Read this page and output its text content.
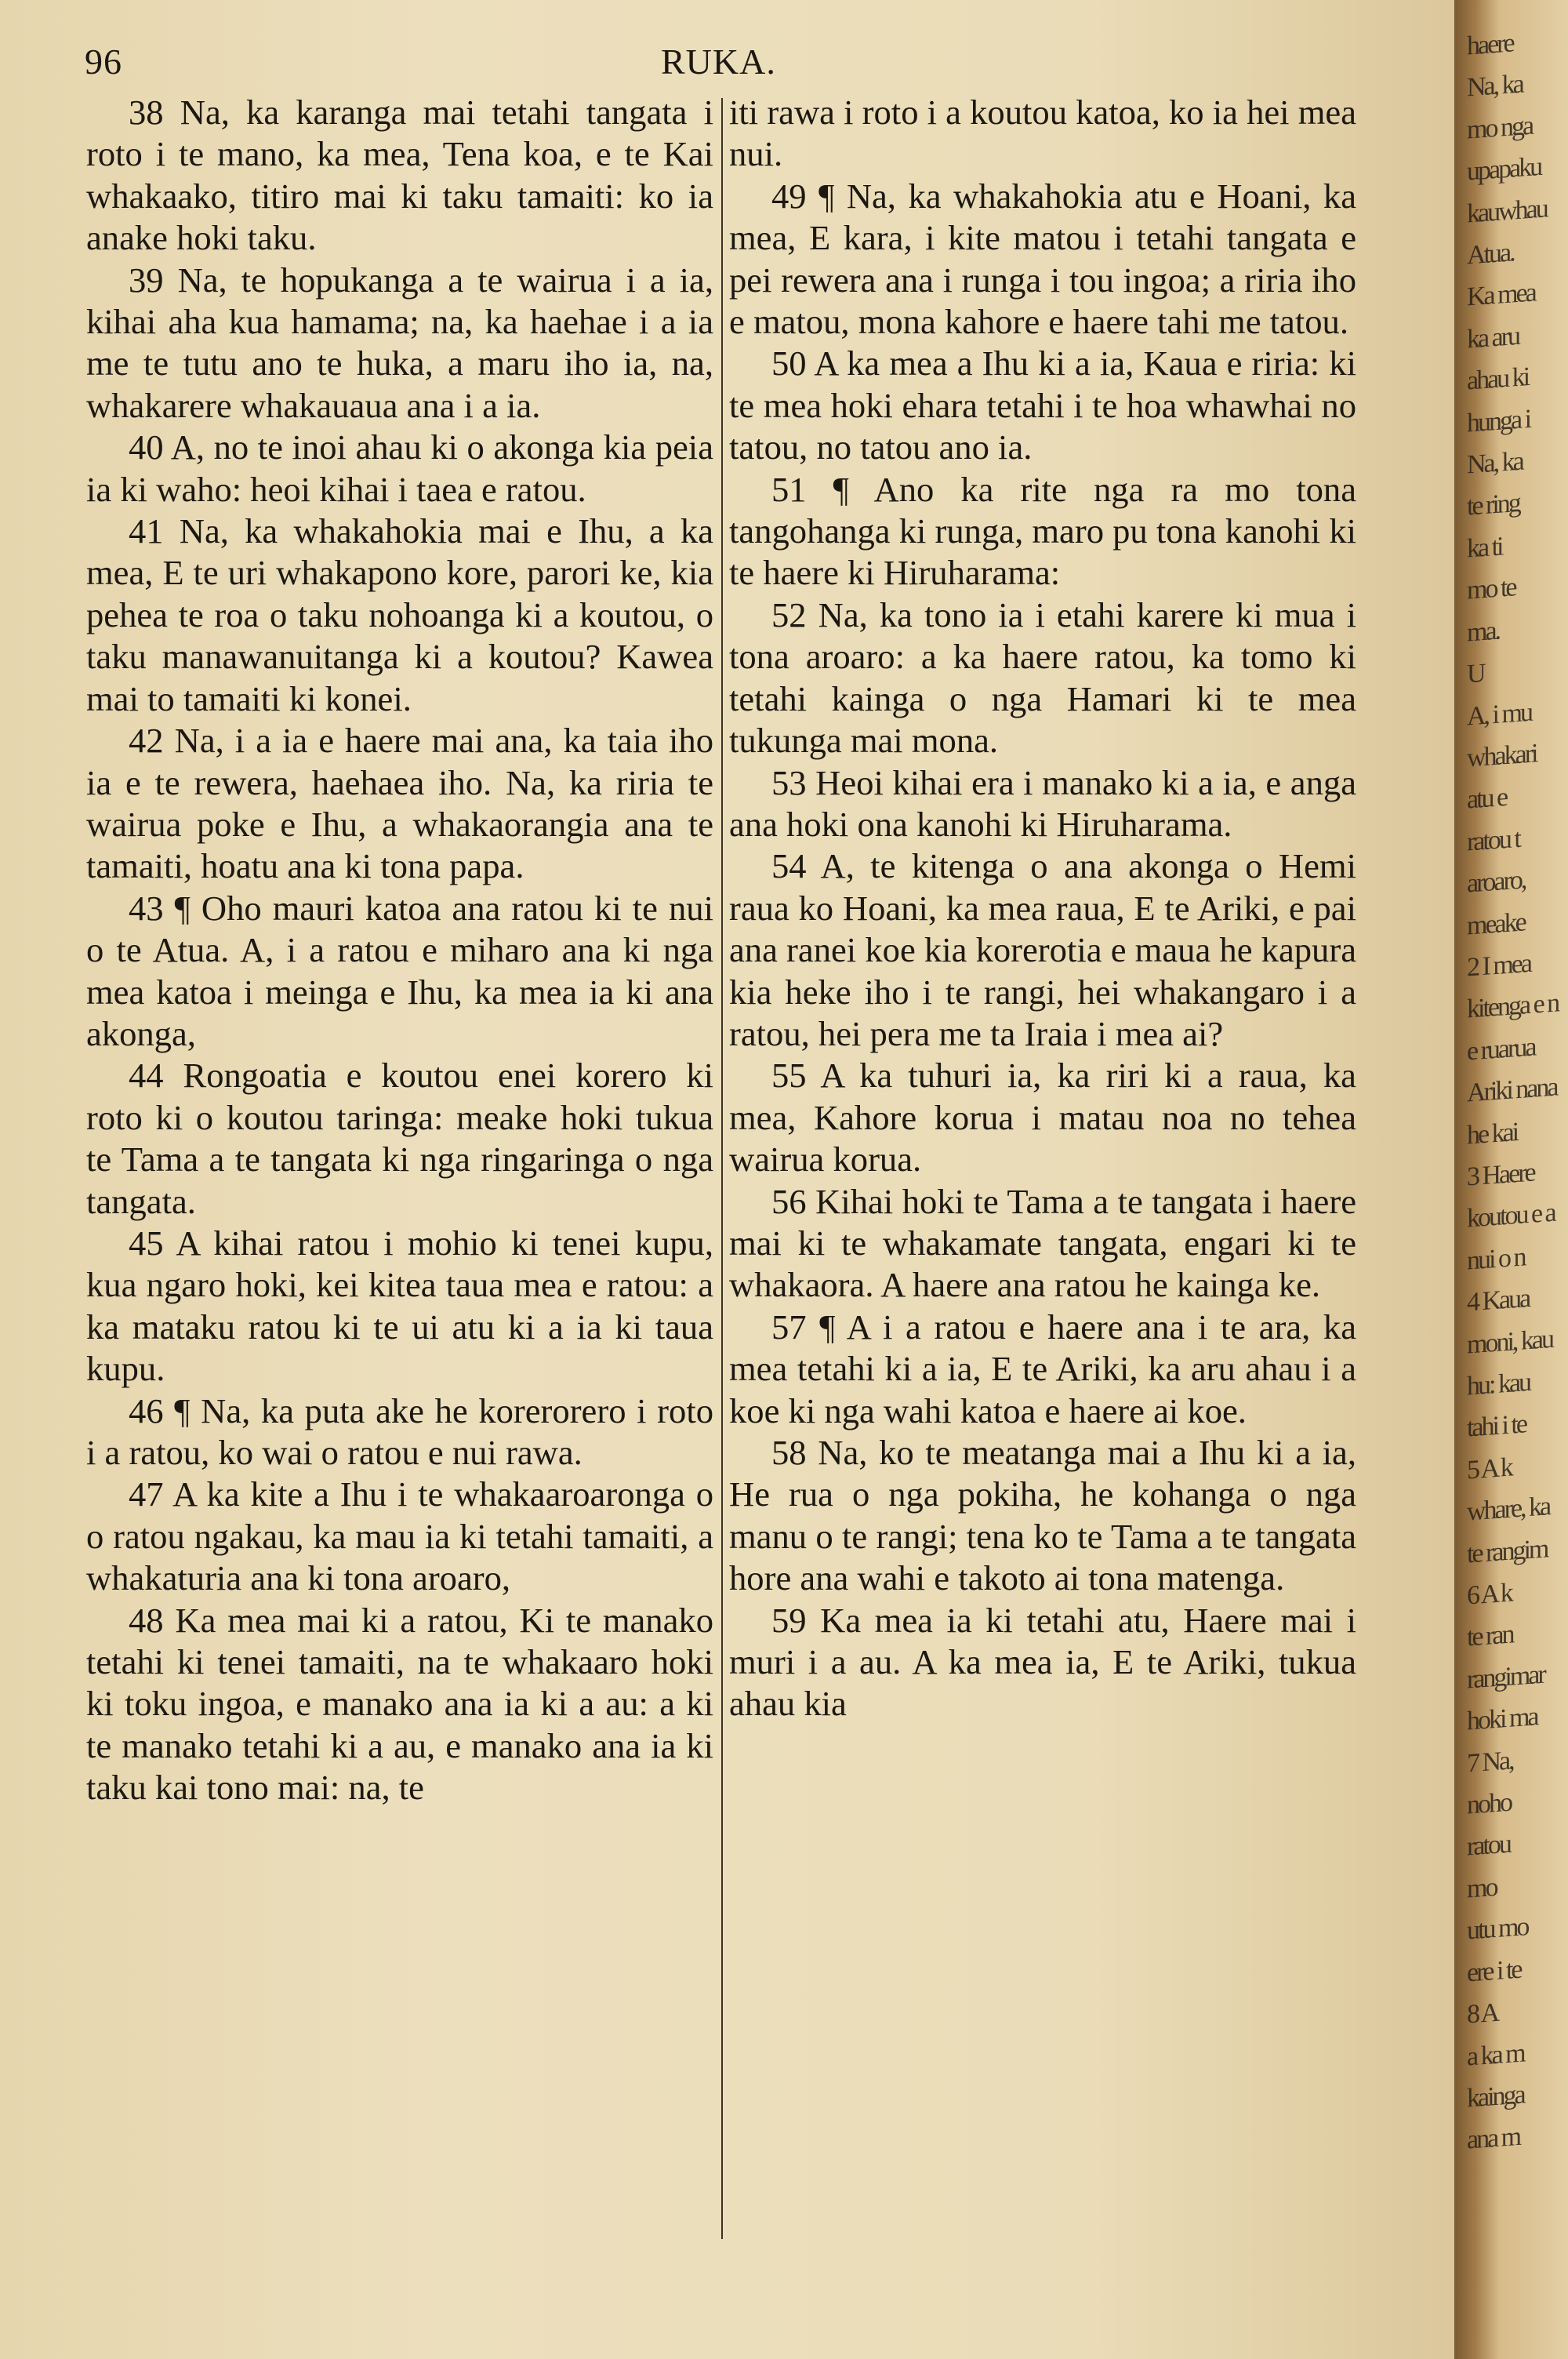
96	RUKA.

38 Na, ka karanga mai tetahi tangata i roto i te mano, ka mea, Tena koa, e te Kai whakaako, titiro mai ki taku tamaiti: ko ia anake hoki taku.

39 Na, te hopukanga a te wairua i a ia, kihai aha kua hamama; na, ka haehae i a ia me te tutu ano te huka, a maru iho ia, na, whakarere whakauaua ana i a ia.

40 A, no te inoi ahau ki o akonga kia peia ia ki waho: heoi kihai i taea e ratou.

41 Na, ka whakahokia mai e Ihu, a ka mea, E te uri whakapono kore, parori ke, kia pehea te roa o taku nohoanga ki a koutou, o taku manawanuitanga ki a koutou? Kawea mai to tamaiti ki konei.

42 Na, i a ia e haere mai ana, ka taia iho ia e te rewera, haehaea iho. Na, ka riria te wairua poke e Ihu, a whakaorangia ana te tamaiti, hoatu ana ki tona papa.

43 ¶ Oho mauri katoa ana ratou ki te nui o te Atua. A, i a ratou e miharo ana ki nga mea katoa i meinga e Ihu, ka mea ia ki ana akonga,

44 Rongoatia e koutou enei korero ki roto ki o koutou taringa: meake hoki tukua te Tama a te tangata ki nga ringaringa o nga tangata.

45 A kihai ratou i mohio ki tenei kupu, kua ngaro hoki, kei kitea taua mea e ratou: a ka mataku ratou ki te ui atu ki a ia ki taua kupu.

46 ¶ Na, ka puta ake he korerorero i roto i a ratou, ko wai o ratou e nui rawa.

47 A ka kite a Ihu i te whakaaroaronga o o ratou ngakau, ka mau ia ki tetahi tamaiti, a whakaturia ana ki tona aroaro,

48 Ka mea mai ki a ratou, Ki te manako tetahi ki tenei tamaiti, na te whakaaro hoki ki toku ingoa, e manako ana ia ki a au: a ki te manako tetahi ki a au, e manako ana ia ki taku kai tono mai: na, te

iti rawa i roto i a koutou katoa, ko ia hei mea nui.

49 ¶ Na, ka whakahokia atu e Hoani, ka mea, E kara, i kite matou i tetahi tangata e pei rewera ana i runga i tou ingoa; a riria iho e matou, mona kahore e haere tahi me tatou.

50 A ka mea a Ihu ki a ia, Kaua e riria: ki te mea hoki ehara tetahi i te hoa whawhai no tatou, no tatou ano ia.

51 ¶ Ano ka rite nga ra mo tona tangohanga ki runga, maro pu tona kanohi ki te haere ki Hiruharama:

52 Na, ka tono ia i etahi karere ki mua i tona aroaro: a ka haere ratou, ka tomo ki tetahi kainga o nga Hamari ki te mea tukunga mai mona.

53 Heoi kihai era i manako ki a ia, e anga ana hoki ona kanohi ki Hiruharama.

54 A, te kitenga o ana akonga o Hemi raua ko Hoani, ka mea raua, E te Ariki, e pai ana ranei koe kia korerotia e maua he kapura kia heke iho i te rangi, hei whakangaro i a ratou, hei pera me ta Iraia i mea ai?

55 A ka tuhuri ia, ka riri ki a raua, ka mea, Kahore korua i matau noa no tehea wairua korua.

56 Kihai hoki te Tama a te tangata i haere mai ki te whakamate tangata, engari ki te whakaora. A haere ana ratou he kainga ke.

57 ¶ A i a ratou e haere ana i te ara, ka mea tetahi ki a ia, E te Ariki, ka aru ahau i a koe ki nga wahi katoa e haere ai koe.

58 Na, ko te meatanga mai a Ihu ki a ia, He rua o nga pokiha, he kohanga o nga manu o te rangi; tena ko te Tama a te tangata hore ana wahi e takoto ai tona matenga.

59 Ka mea ia ki tetahi atu, Haere mai i muri i a au. A ka mea ia, E te Ariki, tukua ahau kia

haere
Na, ka
mo nga
upapaku
kauwhau
Atua.
Ka mea
ka aru
ahau ki
hunga i
Na, ka
te ring
ka ti
mo te
ma.
U
A, i mu
whakari
atu e
ratou t
aroaro,
meake
2 I mea
kitenga e n
e ruarua
Ariki nana
he kai
3 Haere
koutou e a
nui o n
4 Kaua
moni, kau
hu: kau
tahi i te
5 A k
whare, ka
te rangim
6 A k
te ran
rangimar
hoki ma
7 Na,
noho
ratou
mo
utu mo
ere i te
8 A
a ka m
kainga
ana m
